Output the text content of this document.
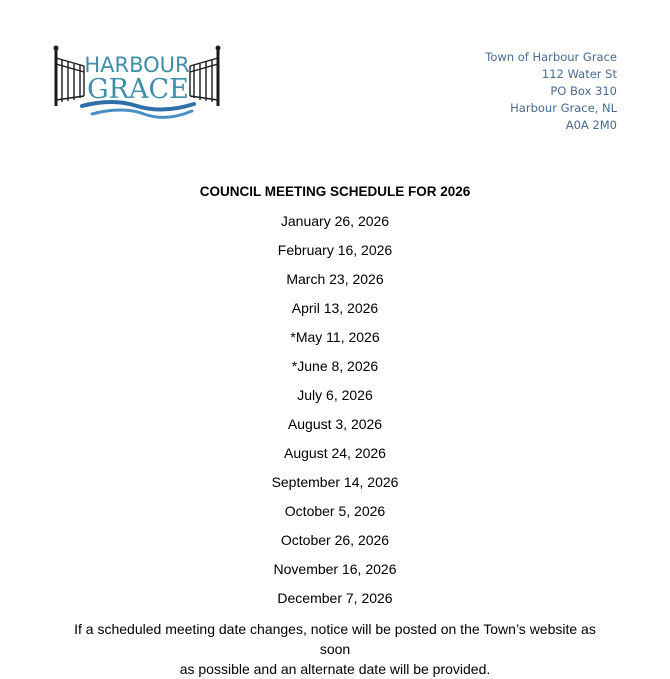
HARBOUR
GRACE
Town of Harbour Grace
112 Water St
PO Box 310
Harbour Grace, NL
A0A 2M0
COUNCIL MEETING SCHEDULE FOR 2026
January 26, 2026
February 16, 2026
March 23, 2026
April 13, 2026
*May 11, 2026
*June 8, 2026
July 6, 2026
August 3, 2026
August 24, 2026
September 14, 2026
October 5, 2026
October 26, 2026
November 16, 2026
December 7, 2026
If a scheduled meeting date changes, notice will be posted on the Town’s website as soon
as possible and an alternate date will be provided.
